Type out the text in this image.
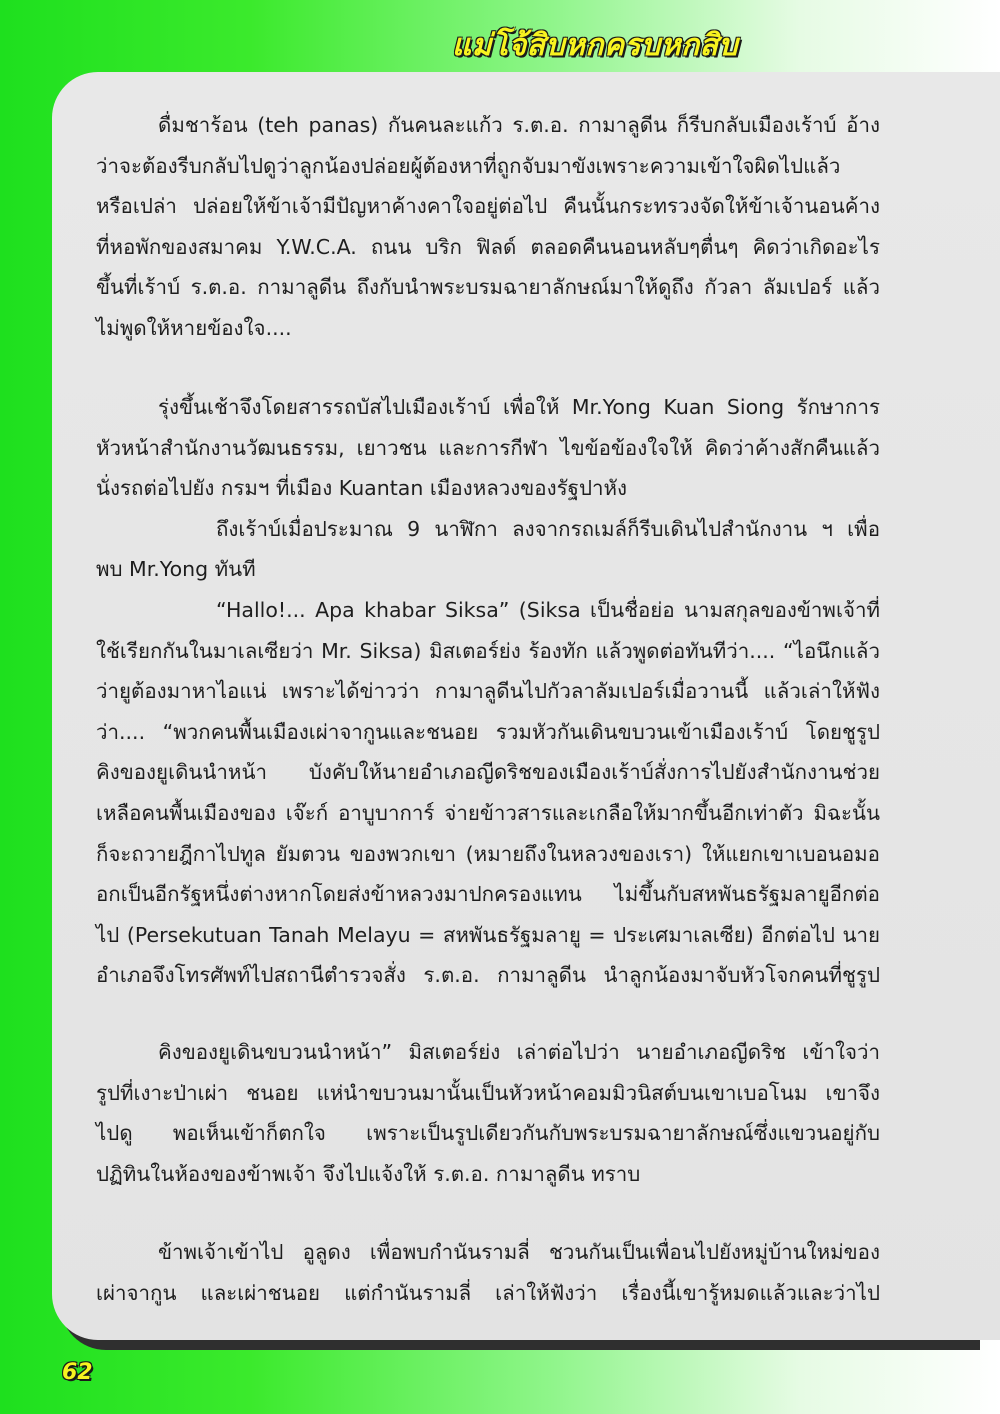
แม่โจ้สิบหกครบหกสิบ
ดื่มชาร้อน (teh panas) กันคนละแก้ว ร.ต.อ. กามาลูดีน ก็รีบกลับเมืองเร้าบ์ อ้าง
ว่าจะต้องรีบกลับไปดูว่าลูกน้องปล่อยผู้ต้องหาที่ถูกจับมาขังเพราะความเข้าใจผิดไปแล้ว
หรือเปล่า ปล่อยให้ข้าเจ้ามีปัญหาค้างคาใจอยู่ต่อไป คืนนั้นกระทรวงจัดให้ข้าเจ้านอนค้าง
ที่หอพักของสมาคม Y.W.C.A. ถนน บริก ฟิลด์ ตลอดคืนนอนหลับๆตื่นๆ คิดว่าเกิดอะไร
ขึ้นที่เร้าบ์ ร.ต.อ. กามาลูดีน ถึงกับนำพระบรมฉายาลักษณ์มาให้ดูถึง กัวลา ลัมเปอร์ แล้ว
ไม่พูดให้หายข้องใจ....
รุ่งขึ้นเช้าจึงโดยสารรถบัสไปเมืองเร้าบ์ เพื่อให้ Mr.Yong Kuan Siong รักษาการ
หัวหน้าสำนักงานวัฒนธรรม, เยาวชน และการกีฬา ไขข้อข้องใจให้ คิดว่าค้างสักคืนแล้ว
นั่งรถต่อไปยัง กรมฯ ที่เมือง Kuantan เมืองหลวงของรัฐปาหัง
ถึงเร้าบ์เมื่อประมาณ 9 นาฬิกา ลงจากรถเมล์ก็รีบเดินไปสำนักงาน ฯ เพื่อ
พบ Mr.Yong ทันที
“Hallo!... Apa khabar Siksa” (Siksa เป็นชื่อย่อ นามสกุลของข้าพเจ้าที่
ใช้เรียกกันในมาเลเซียว่า Mr. Siksa) มิสเตอร์ย่ง ร้องทัก แล้วพูดต่อทันทีว่า.... “ไอนึกแล้ว
ว่ายูต้องมาหาไอแน่ เพราะได้ข่าวว่า กามาลูดีนไปกัวลาลัมเปอร์เมื่อวานนี้ แล้วเล่าให้ฟัง
ว่า.... “พวกคนพื้นเมืองเผ่าจากูนและชนอย รวมหัวกันเดินขบวนเข้าเมืองเร้าบ์ โดยชูรูป
คิงของยูเดินนำหน้า บังคับให้นายอำเภอญีดริชของเมืองเร้าบ์สั่งการไปยังสำนักงานช่วย
เหลือคนพื้นเมืองของ เจ๊ะก์ อาบูบาการ์ จ่ายข้าวสารและเกลือให้มากขึ้นอีกเท่าตัว มิฉะนั้น
ก็จะถวายฎีกาไปทูล ยัมตวน ของพวกเขา (หมายถึงในหลวงของเรา) ให้แยกเขาเบอนอมอ
อกเป็นอีกรัฐหนึ่งต่างหากโดยส่งข้าหลวงมาปกครองแทน ไม่ขึ้นกับสหพันธรัฐมลายูอีกต่อ
ไป (Persekutuan Tanah Melayu = สหพันธรัฐมลายู = ประเศมาเลเซีย) อีกต่อไป นาย
อำเภอจึงโทรศัพท์ไปสถานีตำรวจสั่ง ร.ต.อ. กามาลูดีน นำลูกน้องมาจับหัวโจกคนที่ชูรูป
คิงของยูเดินขบวนนำหน้า” มิสเตอร์ย่ง เล่าต่อไปว่า นายอำเภอญีดริช เข้าใจว่า
รูปที่เงาะป่าเผ่า ชนอย แห่นำขบวนมานั้นเป็นหัวหน้าคอมมิวนิสต์บนเขาเบอโนม เขาจึง
ไปดู พอเห็นเข้าก็ตกใจ เพราะเป็นรูปเดียวกันกับพระบรมฉายาลักษณ์ซึ่งแขวนอยู่กับ
ปฏิทินในห้องของข้าพเจ้า จึงไปแจ้งให้ ร.ต.อ. กามาลูดีน ทราบ
ข้าพเจ้าเข้าไป อูลูดง เพื่อพบกำนันรามลี่ ชวนกันเป็นเพื่อนไปยังหมู่บ้านใหม่ของ
เผ่าจากูน และเผ่าชนอย แต่กำนันรามลี่ เล่าให้ฟังว่า เรื่องนี้เขารู้หมดแล้วและว่าไป
62
